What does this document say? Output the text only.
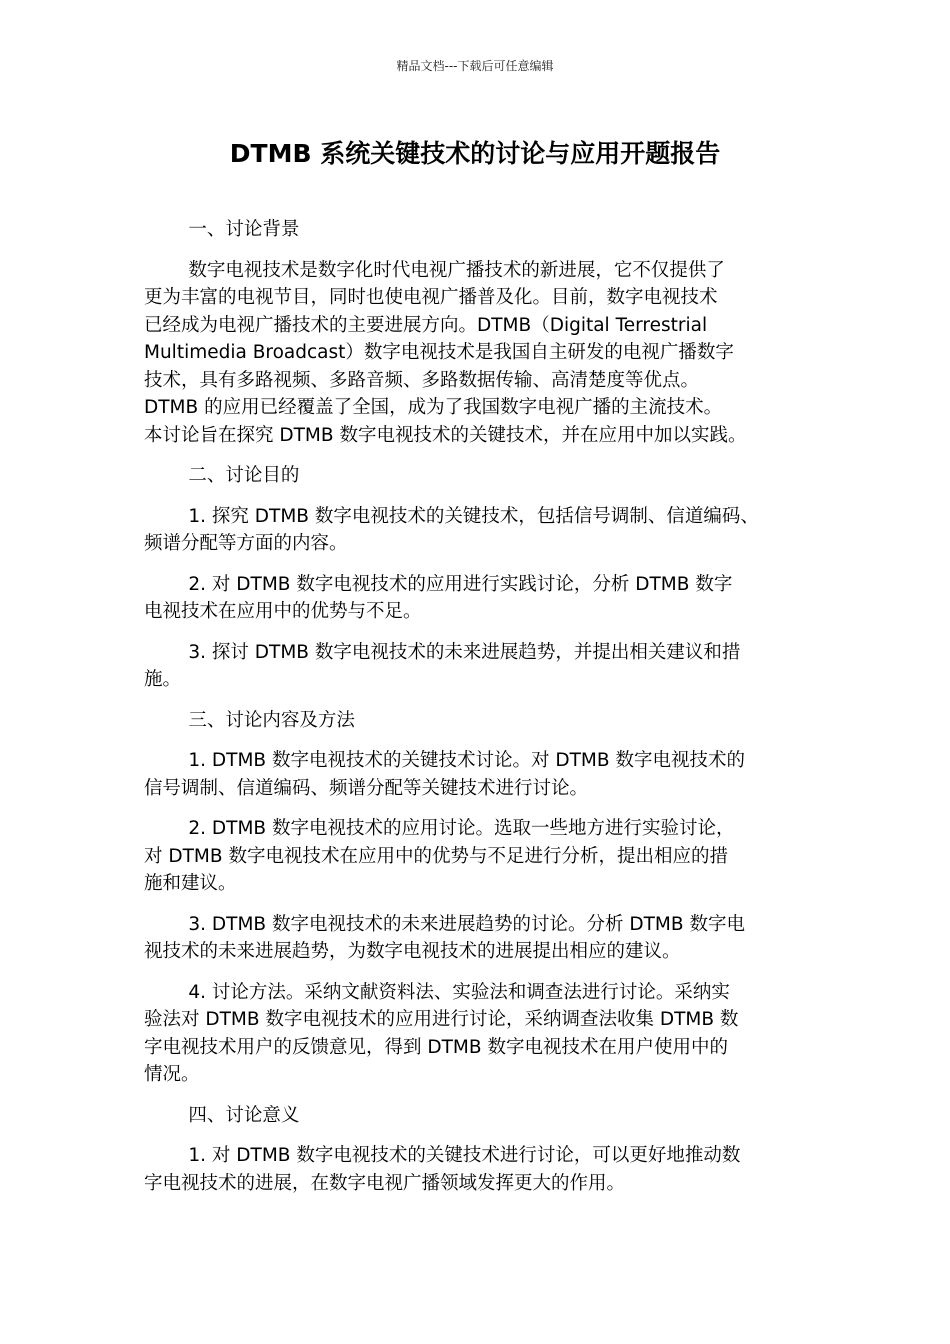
精品文档---下载后可任意编辑
DTMB 系统关键技术的讨论与应用开题报告
一、讨论背景

数字电视技术是数字化时代电视广播技术的新进展，它不仅提供了
更为丰富的电视节目，同时也使电视广播普及化。目前，数字电视技术
已经成为电视广播技术的主要进展方向。DTMB（Digital Terrestrial
Multimedia Broadcast）数字电视技术是我国自主研发的电视广播数字
技术，具有多路视频、多路音频、多路数据传输、高清楚度等优点。
DTMB 的应用已经覆盖了全国，成为了我国数字电视广播的主流技术。
本讨论旨在探究 DTMB 数字电视技术的关键技术，并在应用中加以实践。

二、讨论目的

1. 探究 DTMB 数字电视技术的关键技术，包括信号调制、信道编码、
频谱分配等方面的内容。

2. 对 DTMB 数字电视技术的应用进行实践讨论，分析 DTMB 数字
电视技术在应用中的优势与不足。

3. 探讨 DTMB 数字电视技术的未来进展趋势，并提出相关建议和措
施。

三、讨论内容及方法

1. DTMB 数字电视技术的关键技术讨论。对 DTMB 数字电视技术的
信号调制、信道编码、频谱分配等关键技术进行讨论。

2. DTMB 数字电视技术的应用讨论。选取一些地方进行实验讨论，
对 DTMB 数字电视技术在应用中的优势与不足进行分析，提出相应的措
施和建议。

3. DTMB 数字电视技术的未来进展趋势的讨论。分析 DTMB 数字电
视技术的未来进展趋势，为数字电视技术的进展提出相应的建议。

4. 讨论方法。采纳文献资料法、实验法和调查法进行讨论。采纳实
验法对 DTMB 数字电视技术的应用进行讨论，采纳调查法收集 DTMB 数
字电视技术用户的反馈意见，得到 DTMB 数字电视技术在用户使用中的
情况。

四、讨论意义

1. 对 DTMB 数字电视技术的关键技术进行讨论，可以更好地推动数
字电视技术的进展，在数字电视广播领域发挥更大的作用。
